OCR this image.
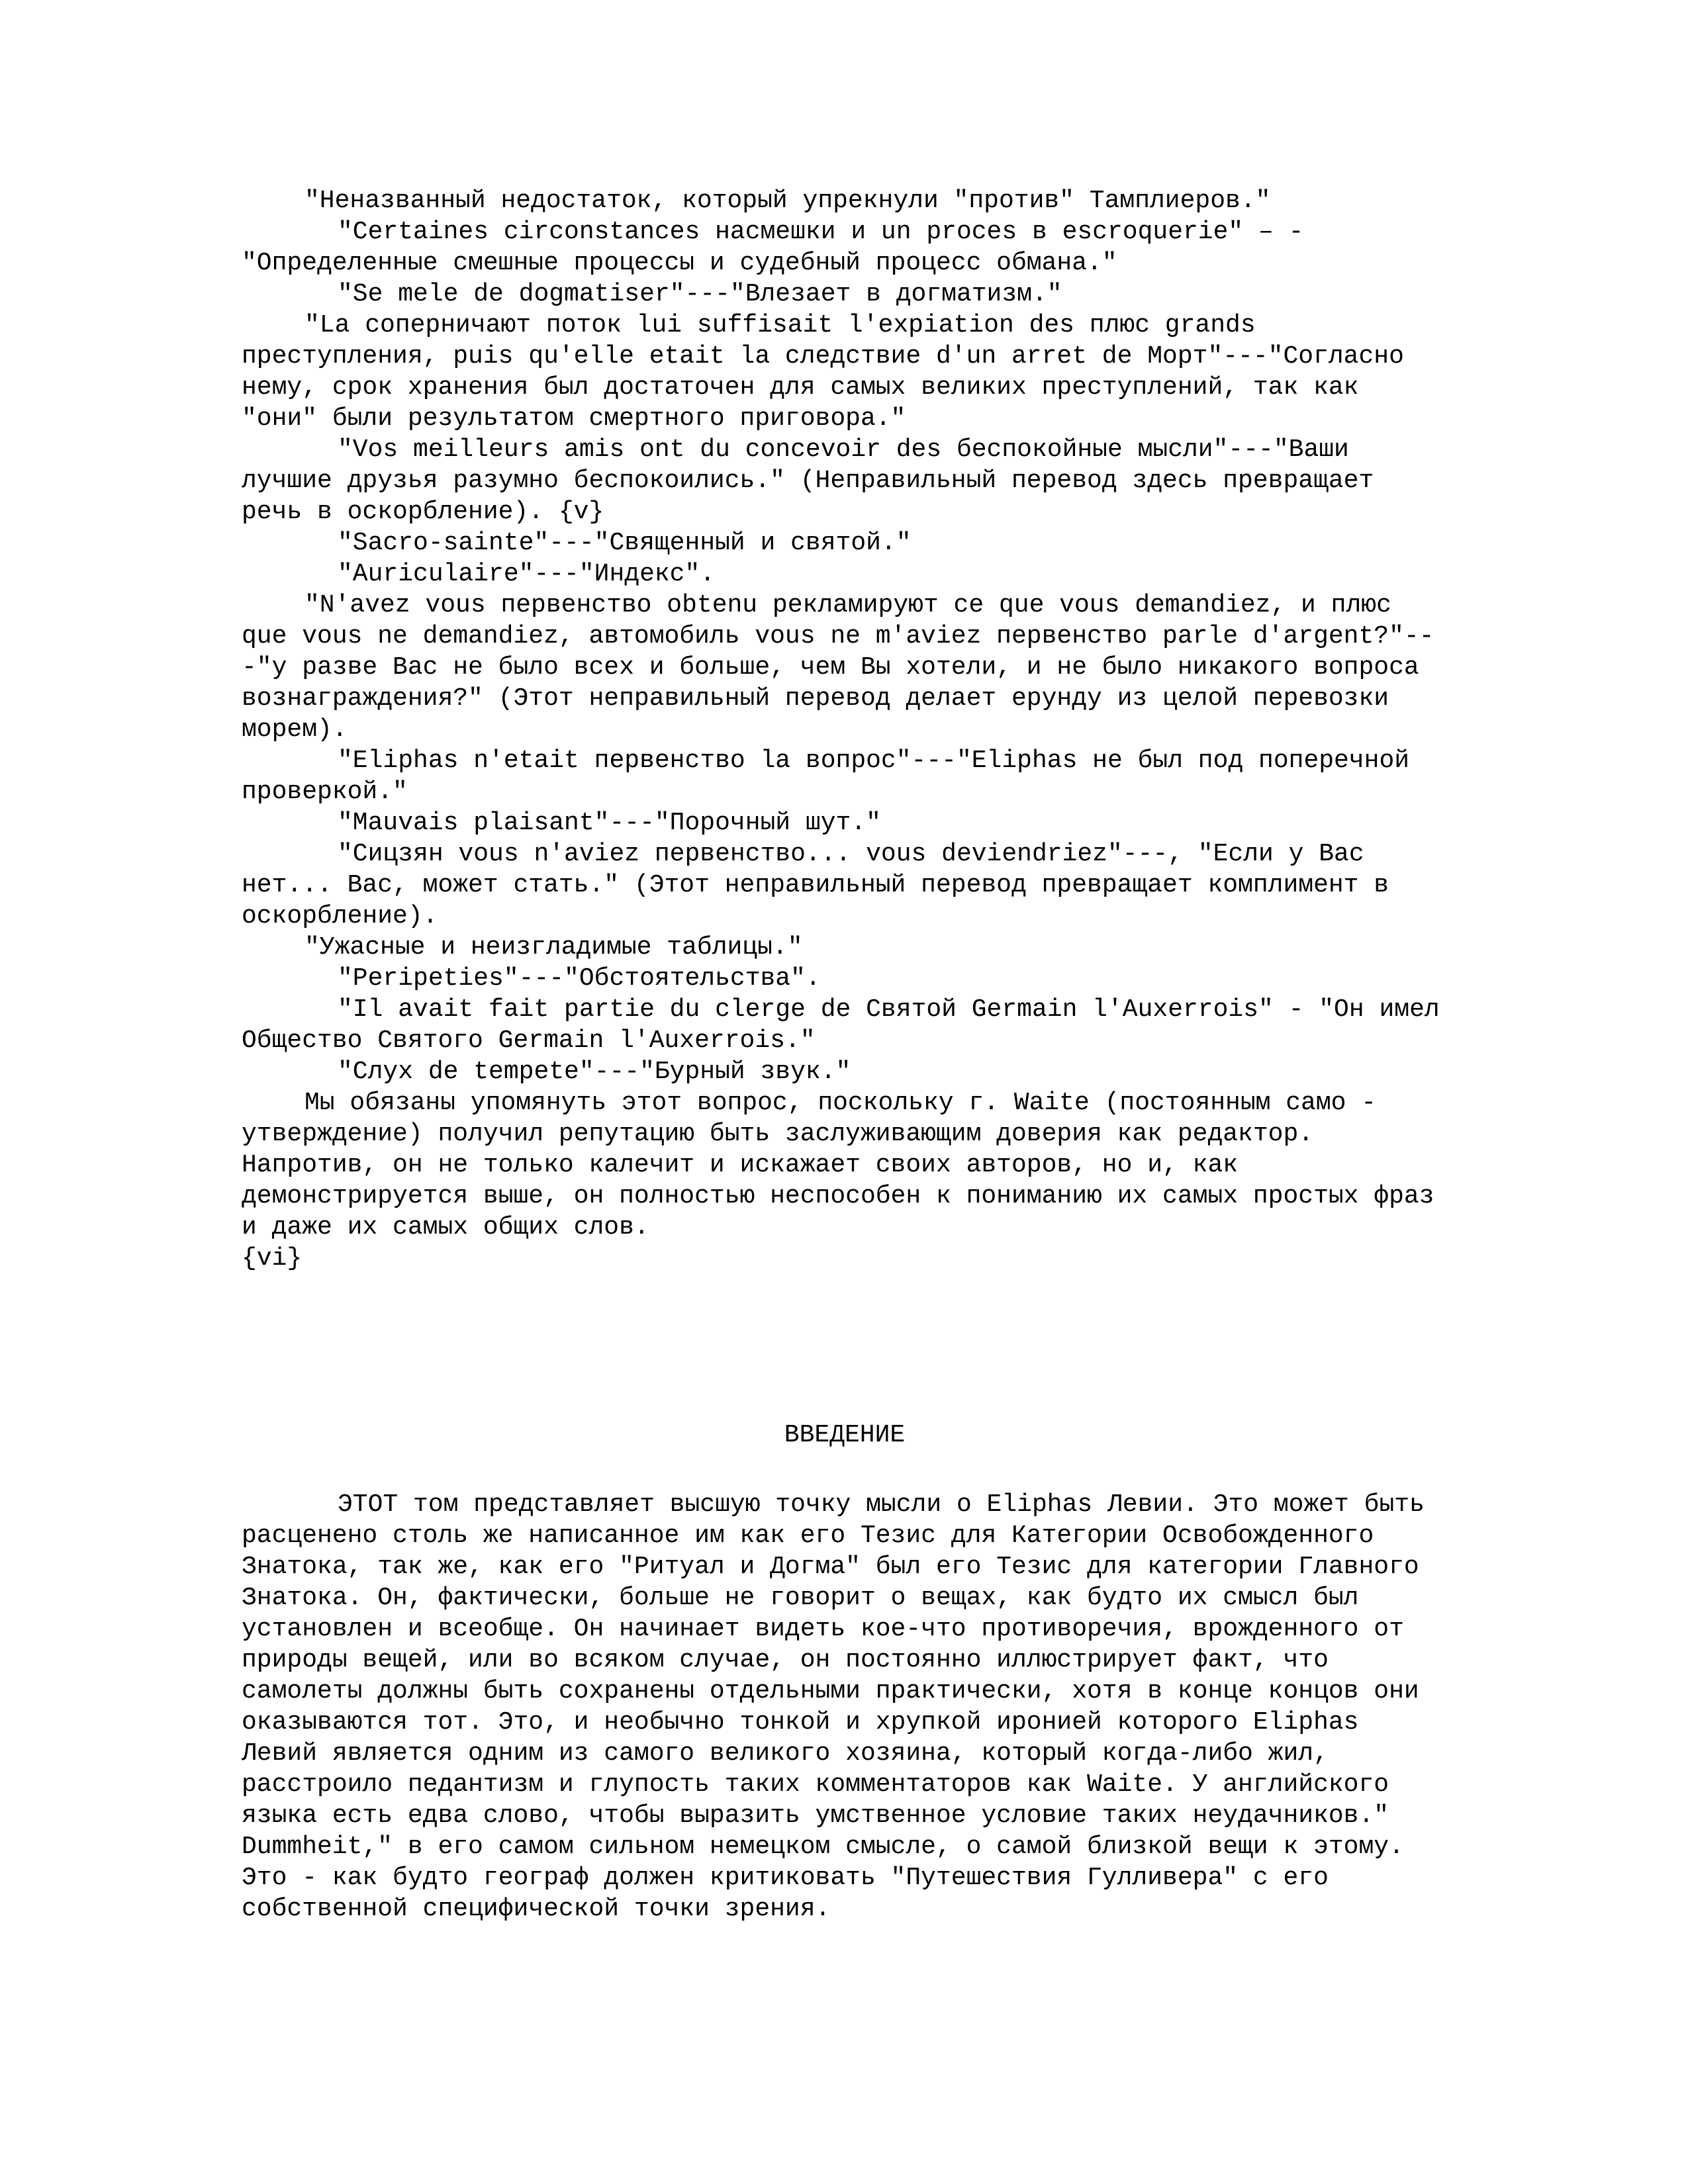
"Неназванный недостаток, который упрекнули "против" Тамплиеров."

"Certaines circonstances насмешки и un proces в escroquerie" – -"Определенные смешные процессы и судебный процесс обмана."

"Se mele de dogmatiser"---"Влезает в догматизм."

"La соперничают поток lui suffisait l'expiation des плюс grands преступления, puis qu'elle etait la следствие d'un arret de Морт"---"Согласно нему, срок хранения был достаточен для самых великих преступлений, так как "они" были результатом смертного приговора."

"Vos meilleurs amis ont du concevoir des беспокойные мысли"---"Ваши лучшие друзья разумно беспокоились." (Неправильный перевод здесь превращает речь в оскорбление). {v}

"Sacro-sainte"---"Священный и святой."

"Auriculaire"---"Индекс".

"N'avez vous первенство obtenu рекламируют ce que vous demandiez, и плюс que vous ne demandiez, автомобиль vous ne m'aviez первенство parle d'argent?"---"у разве Вас не было всех и больше, чем Вы хотели, и не было никакого вопроса вознаграждения?" (Этот неправильный перевод делает ерунду из целой перевозки морем).

"Eliphas n'etait первенство la вопрос"---"Eliphas не был под поперечной проверкой."

"Mauvais plaisant"---"Порочный шут."

"Сицзян vous n'aviez первенство... vous deviendriez"---, "Если у Вас нет... Вас, может стать." (Этот неправильный перевод превращает комплимент в оскорбление).

"Ужасные и неизгладимые таблицы."

"Peripeties"---"Обстоятельства".

"Il avait fait partie du clerge de Святой Germain l'Auxerrois" - "Он имел Общество Святого Germain l'Auxerrois."

"Слух de tempete"---"Бурный звук."

Мы обязаны упомянуть этот вопрос, поскольку г. Waite (постоянным само - утверждение) получил репутацию быть заслуживающим доверия как редактор. Напротив, он не только калечит и искажает своих авторов, но и, как демонстрируется выше, он полностью неспособен к пониманию их самых простых фраз и даже их самых общих слов.

{vi}

ВВЕДЕНИЕ

ЭТОТ том представляет высшую точку мысли о Eliphas Левии. Это может быть расценено столь же написанное им как его Тезис для Категории Освобожденного Знатока, так же, как его "Ритуал и Догма" был его Тезис для категории Главного Знатока. Он, фактически, больше не говорит о вещах, как будто их смысл был установлен и всеобще. Он начинает видеть кое-что противоречия, врожденного от природы вещей, или во всяком случае, он постоянно иллюстрирует факт, что самолеты должны быть сохранены отдельными практически, хотя в конце концов они оказываются тот. Это, и необычно тонкой и хрупкой иронией которого Eliphas Левий является одним из самого великого хозяина, который когда-либо жил, расстроило педантизм и глупость таких комментаторов как Waite. У английского языка есть едва слово, чтобы выразить умственное условие таких неудачников." Dummheit," в его самом сильном немецком смысле, о самой близкой вещи к этому. Это - как будто географ должен критиковать "Путешествия Гулливера" с его собственной специфической точки зрения.
